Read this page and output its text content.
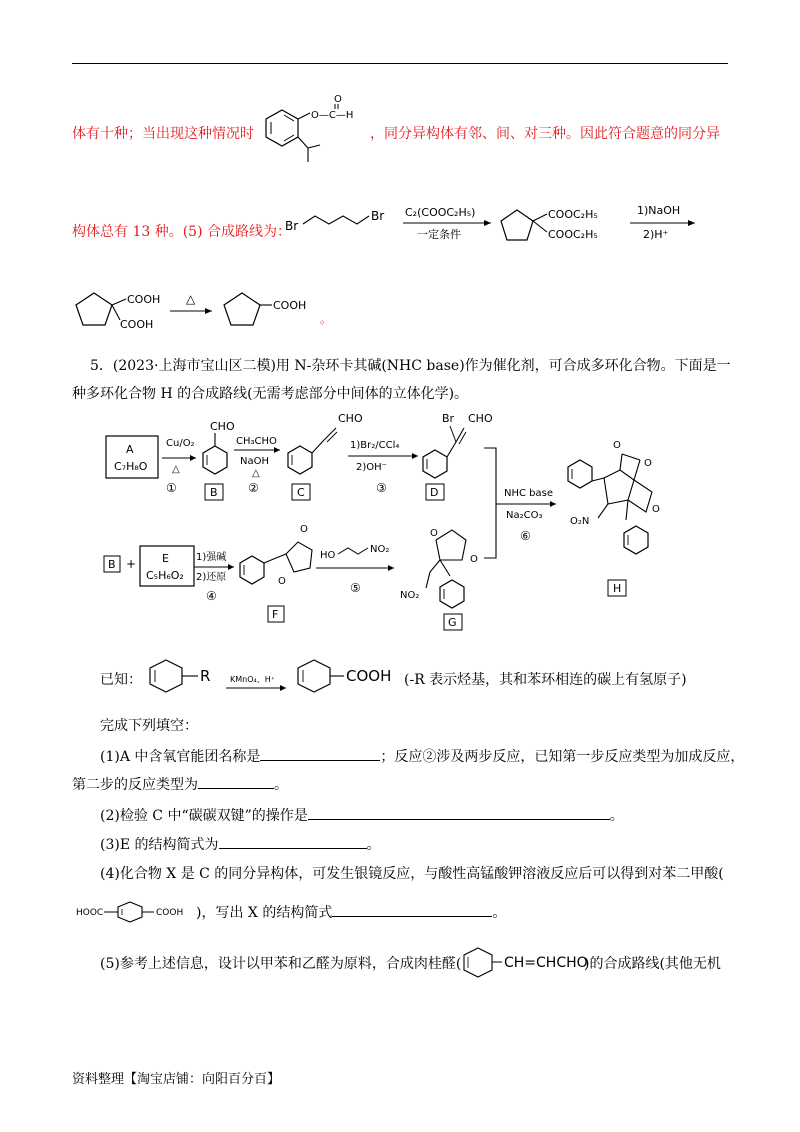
体有十种；当出现这种情况时
O—C—H
O
，同分异构体有邻、间、对三种。因此符合题意的同分异
构体总有 13 种。(5) 合成路线为：
Br
Br C₂(COOC₂H₅)
一定条件
COOC₂H₅
COOC₂H₅
1)NaOH
2)H⁺
COOH
COOH
△	COOH
。
5．(2023·上海市宝山区二模)用 N-杂环卡其碱(NHC base)作为催化剂，可合成多环化合物。下面是一
种多环化合物 H 的合成路线(无需考虑部分中间体的立体化学)。
A
C₇H₈O
Cu/O₂
△
①
CHO
B
CH₃CHO
NaOH
△
②
CHO
C
1)Br₂/CCl₄
2)OH⁻
③
Br CHO
D	NHC base
Na₂CO₃
⑥
O
O
O
O₂N
H
B + E
C₅H₆O₂
1)强碱
2)还原
④
O
O
F
HO
NO₂
⑤
O
O
NO₂
G
已知：	R KMnO₄、H⁺	COOH (-R 表示烃基，其和苯环相连的碳上有氢原子)
完成下列填空：
(1)A 中含氧官能团名称是	；反应②涉及两步反应，已知第一步反应类型为加成反应，
第二步的反应类型为	。
(2)检验 C 中“碳碳双键”的操作是	。
(3)E 的结构简式为	。
(4)化合物 X 是 C 的同分异构体，可发生银镜反应，与酸性高锰酸钾溶液反应后可以得到对苯二甲酸(
HOOC	COOH )，写出 X 的结构简式	。
(5)参考上述信息，设计以甲苯和乙醛为原料，合成肉桂醛(	CH=CHCHO
)的合成路线(其他无机
资料整理【淘宝店铺：向阳百分百】
